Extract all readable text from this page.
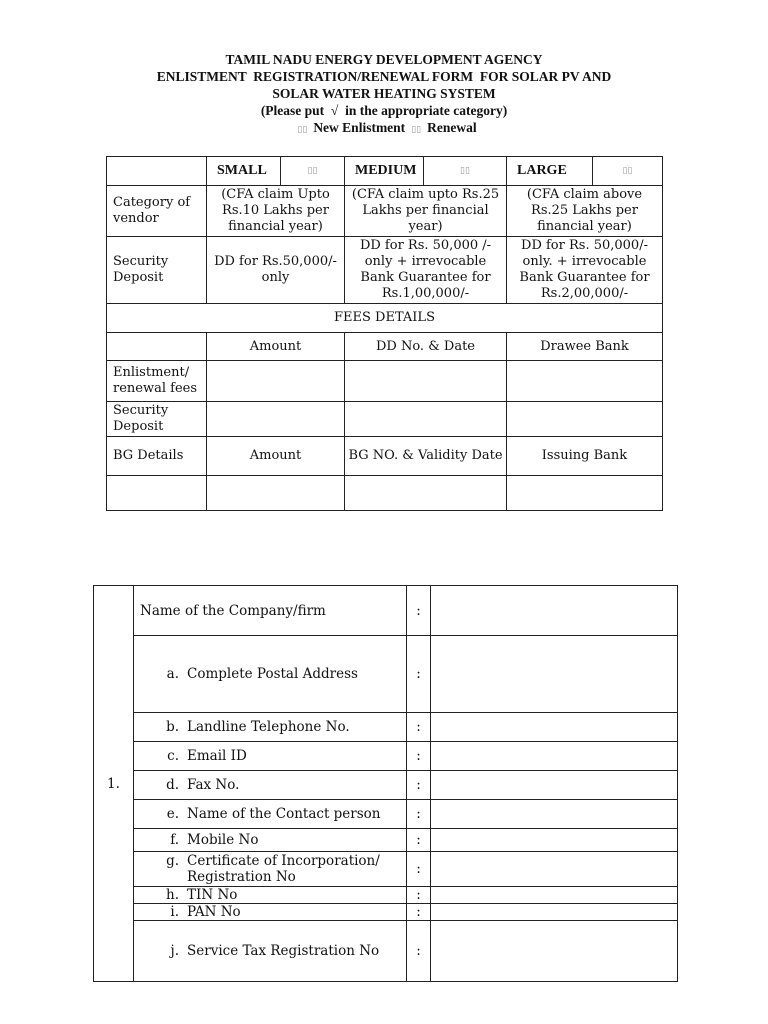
TAMIL NADU ENERGY DEVELOPMENT AGENCY
ENLISTMENT  REGISTRATION/RENEWAL FORM  FOR SOLAR PV AND
SOLAR WATER HEATING SYSTEM
(Please put  √  in the appropriate category)
▯▯ New Enlistment ▯▯ Renewal
	SMALL	▯▯	MEDIUM	▯▯	LARGE	▯▯
Category of vendor	(CFA claim Upto Rs.10 Lakhs per financial year)		(CFA claim upto Rs.25 Lakhs per financial year)		(CFA claim above Rs.25 Lakhs per financial year)	
Security Deposit	DD for Rs.50,000/- only		DD for Rs. 50,000 /- only + irrevocable Bank Guarantee for Rs.1,00,000/-		DD for Rs. 50,000/- only. + irrevocable Bank Guarantee for Rs.2,00,000/-	
FEES DETAILS						
	Amount		DD No. & Date		Drawee Bank	
Enlistment/ renewal fees						
Security Deposit						
BG Details	Amount		BG NO. & Validity Date		Issuing Bank	

1.	Name of the Company/firm	:	

	a. Complete Postal Address	:	

	b. Landline Telephone No.	:	

	c. Email ID	:	

	d. Fax No.	:	

	e. Name of the Contact person	:	

	f. Mobile No	:	

	g. Certificate of Incorporation/ Registration No	:	

	h. TIN No	:	

	i. PAN No	:	

	j. Service Tax Registration No	:	
